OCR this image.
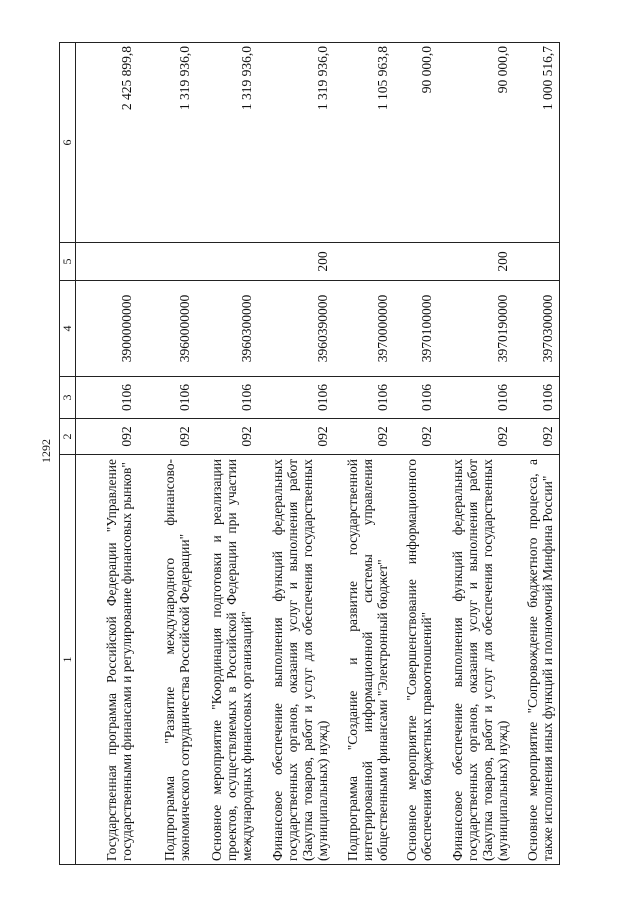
1292
1	2	3	4	5	6
Государственная программа Российской Федерации "Управление государственными финансами и регулирование финансовых рынков"	092	0106	3900000000		2 425 899,8
Подпрограмма "Развитие международного финансово-экономического сотрудничества Российской Федерации"	092	0106	3960000000		1 319 936,0
Основное мероприятие "Координация подготовки и реализации проектов, осуществляемых в Российской Федерации при участии международных финансовых организаций"	092	0106	3960300000		1 319 936,0
Финансовое обеспечение выполнения функций федеральных государственных органов, оказания услуг и выполнения работ (Закупка товаров, работ и услуг для обеспечения государственных (муниципальных) нужд)	092	0106	3960390000	200	1 319 936,0
Подпрограмма "Создание и развитие государственной интегрированной информационной системы управления общественными финансами "Электронный бюджет"	092	0106	3970000000		1 105 963,8
Основное мероприятие "Совершенствование информационного обеспечения бюджетных правоотношений"	092	0106	3970100000		90 000,0
Финансовое обеспечение выполнения функций федеральных государственных органов, оказания услуг и выполнения работ (Закупка товаров, работ и услуг для обеспечения государственных (муниципальных) нужд)	092	0106	3970190000	200	90 000,0
Основное мероприятие "Сопровождение бюджетного процесса, а также исполнения иных функций и полномочий Минфина России"	092	0106	3970300000		1 000 516,7
